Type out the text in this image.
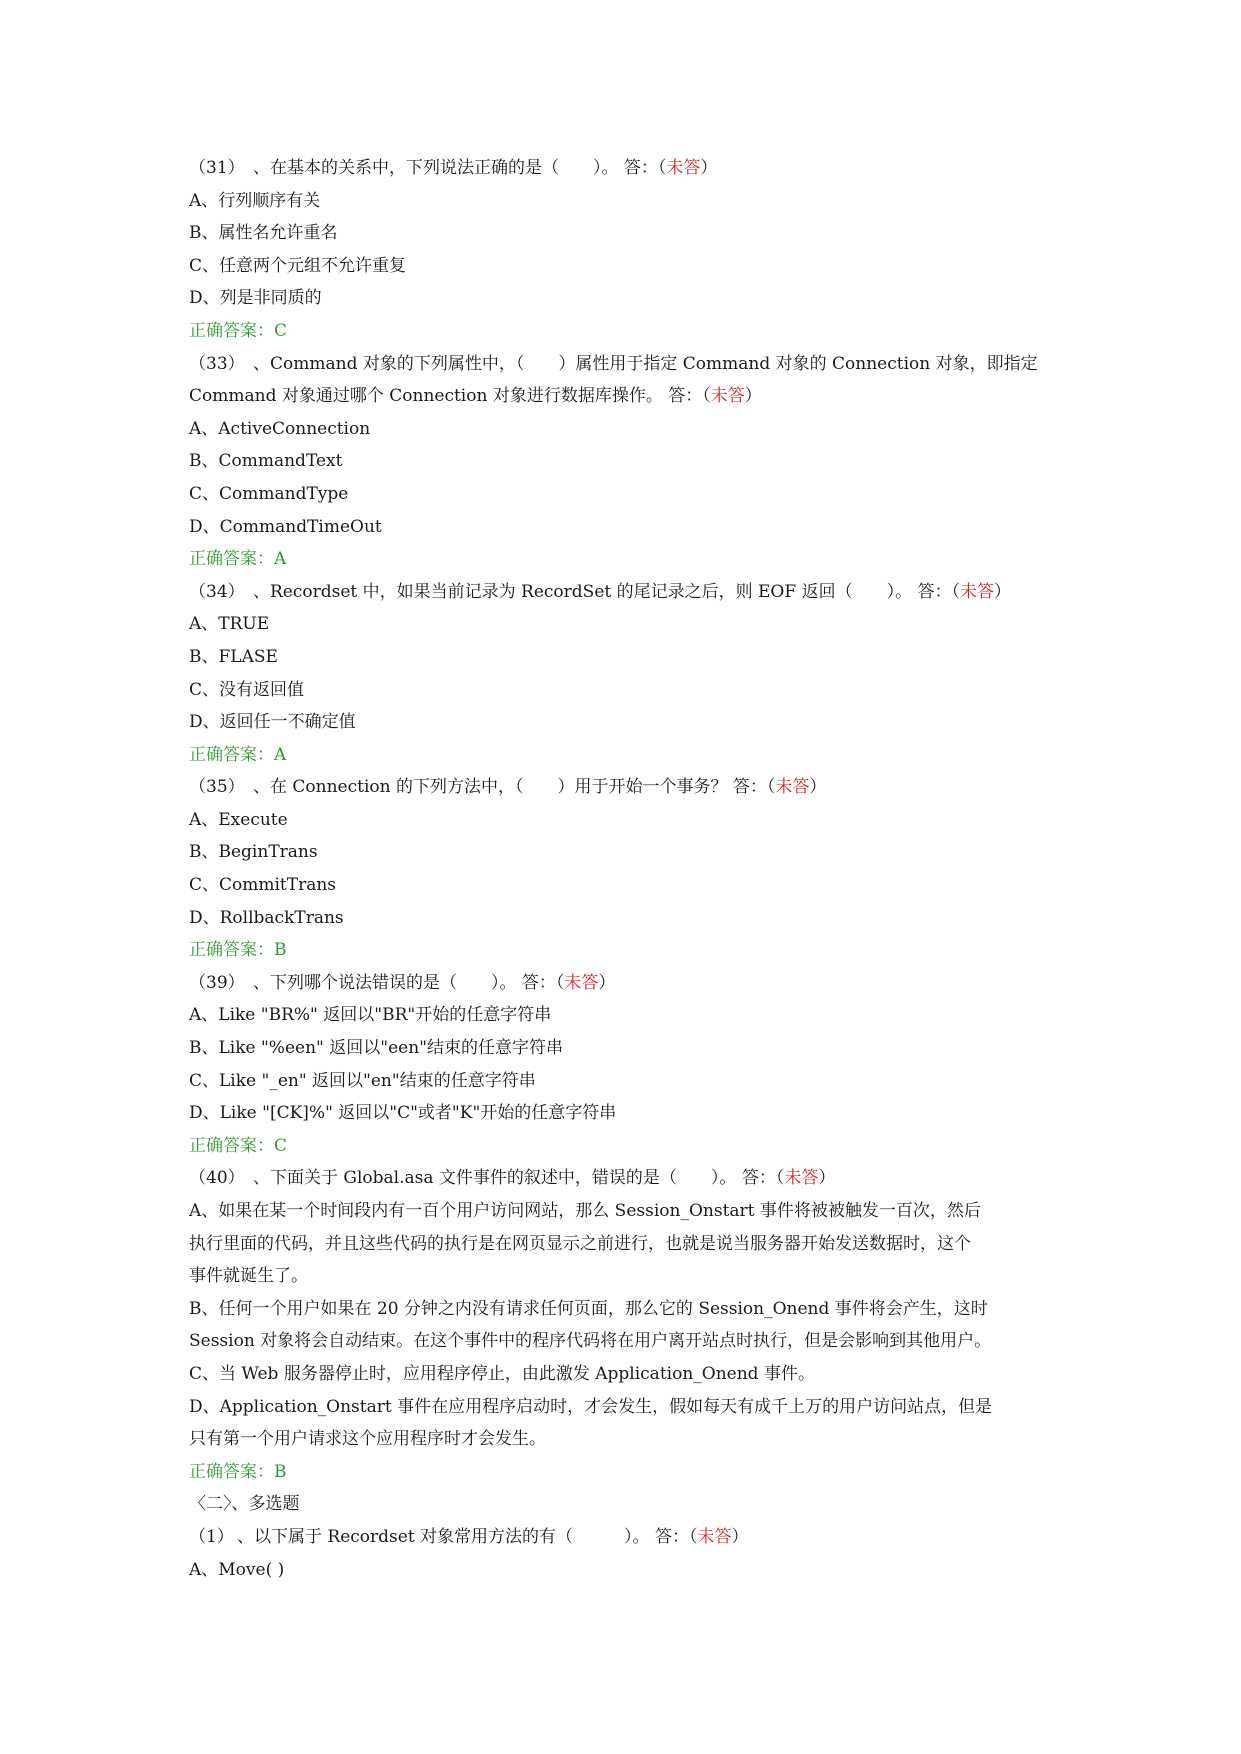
（31） 、在基本的关系中，下列说法正确的是（　　）。 答：（未答）
A、行列顺序有关
B、属性名允许重名
C、任意两个元组不允许重复
D、列是非同质的
正确答案：C
（33） 、Command 对象的下列属性中，（　　）属性用于指定 Command 对象的 Connection 对象，即指定
Command 对象通过哪个 Connection 对象进行数据库操作。 答：（未答）
A、ActiveConnection
B、CommandText
C、CommandType
D、CommandTimeOut
正确答案：A
（34） 、Recordset 中，如果当前记录为 RecordSet 的尾记录之后，则 EOF 返回（　　）。 答：（未答）
A、TRUE
B、FLASE
C、没有返回值
D、返回任一不确定值
正确答案：A
（35） 、在 Connection 的下列方法中，（　　）用于开始一个事务？ 答：（未答）
A、Execute
B、BeginTrans
C、CommitTrans
D、RollbackTrans
正确答案：B
（39） 、下列哪个说法错误的是（　　）。 答：（未答）
A、Like "BR%" 返回以"BR"开始的任意字符串
B、Like "%een" 返回以"een"结束的任意字符串
C、Like "_en" 返回以"en"结束的任意字符串
D、Like "[CK]%" 返回以"C"或者"K"开始的任意字符串
正确答案：C
（40） 、下面关于 Global.asa 文件事件的叙述中，错误的是（　　）。 答：（未答）
A、如果在某一个时间段内有一百个用户访问网站，那么 Session_Onstart 事件将被被触发一百次，然后
执行里面的代码，并且这些代码的执行是在网页显示之前进行，也就是说当服务器开始发送数据时，这个
事件就诞生了。
B、任何一个用户如果在 20 分钟之内没有请求任何页面，那么它的 Session_Onend 事件将会产生，这时
Session 对象将会自动结束。在这个事件中的程序代码将在用户离开站点时执行，但是会影响到其他用户。
C、当 Web 服务器停止时，应用程序停止，由此激发 Application_Onend 事件。
D、Application_Onstart 事件在应用程序启动时，才会发生，假如每天有成千上万的用户访问站点，但是
只有第一个用户请求这个应用程序时才会发生。
正确答案：B
〈二〉、多选题
（1） 、以下属于 Recordset 对象常用方法的有（　　　）。 答：（未答）
A、Move( )
